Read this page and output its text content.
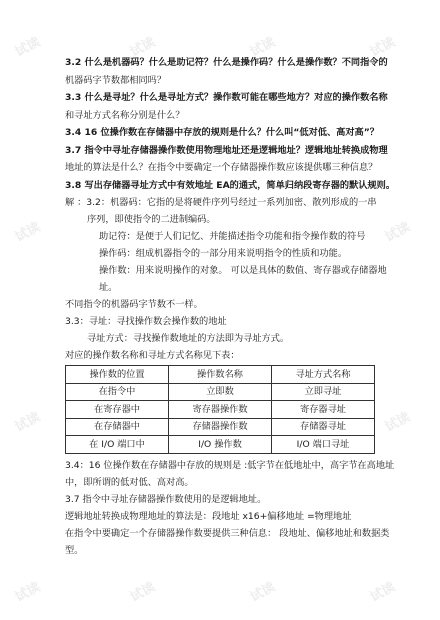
试读	试读	试读	试读
试读	试读
试读	试读
试读	试读	试读	试读
3.2 什么是机器码？什么是助记符？什么是操作码？什么是操作数？不同指令的
机器码字节数都相同吗？
3.3 什么是寻址？什么是寻址方式？操作数可能在哪些地方？对应的操作数名称
和寻址方式名称分别是什么？
3.4 16 位操作数在存储器中存放的规则是什么？什么叫“低对低、高对高”？
3.7 指令中寻址存储器操作数使用物理地址还是逻辑地址？逻辑地址转换成物理
地址的算法是什么？在指令中要确定一个存储器操作数应该提供哪三种信息？
3.8 写出存储器寻址方式中有效地址 EA的通式，简单归纳段寄存器的默认规则。
解 ：3.2：机器码：它指的是将硬件序列号经过一系列加密、散列形成的一串
序列，即使指令的二进制编码。
助记符：是便于人们记忆、并能描述指令功能和指令操作数的符号
操作码：组成机器指令的一部分用来说明指令的性质和功能。
操作数：用来说明操作的对象。 可以是具体的数值、寄存器或存储器地
址。
不同指令的机器码字节数不一样。
3.3：寻址：寻找操作数会操作数的地址
寻址方式：寻找操作数地址的方法即为寻址方式。
对应的操作数名称和寻址方式名称见下表：
操作数的位置	操作数名称	寻址方式名称
在指令中	立即数	立即寻址
在寄存器中	寄存器操作数	寄存器寻址
在存储器中	存储器操作数	存储器寻址
在 I/O 端口中	I/O 操作数	I/O 端口寻址
3.4：16 位操作数在存储器中存放的规则是 :低字节在低地址中，高字节在高地址
中，即所谓的低对低、高对高。
3.7 指令中寻址存储器操作数使用的是逻辑地址。
逻辑地址转换成物理地址的算法是：段地址 x16+偏移地址 =物理地址
在指令中要确定一个存储器操作数要提供三种信息： 段地址、偏移地址和数据类
型。
